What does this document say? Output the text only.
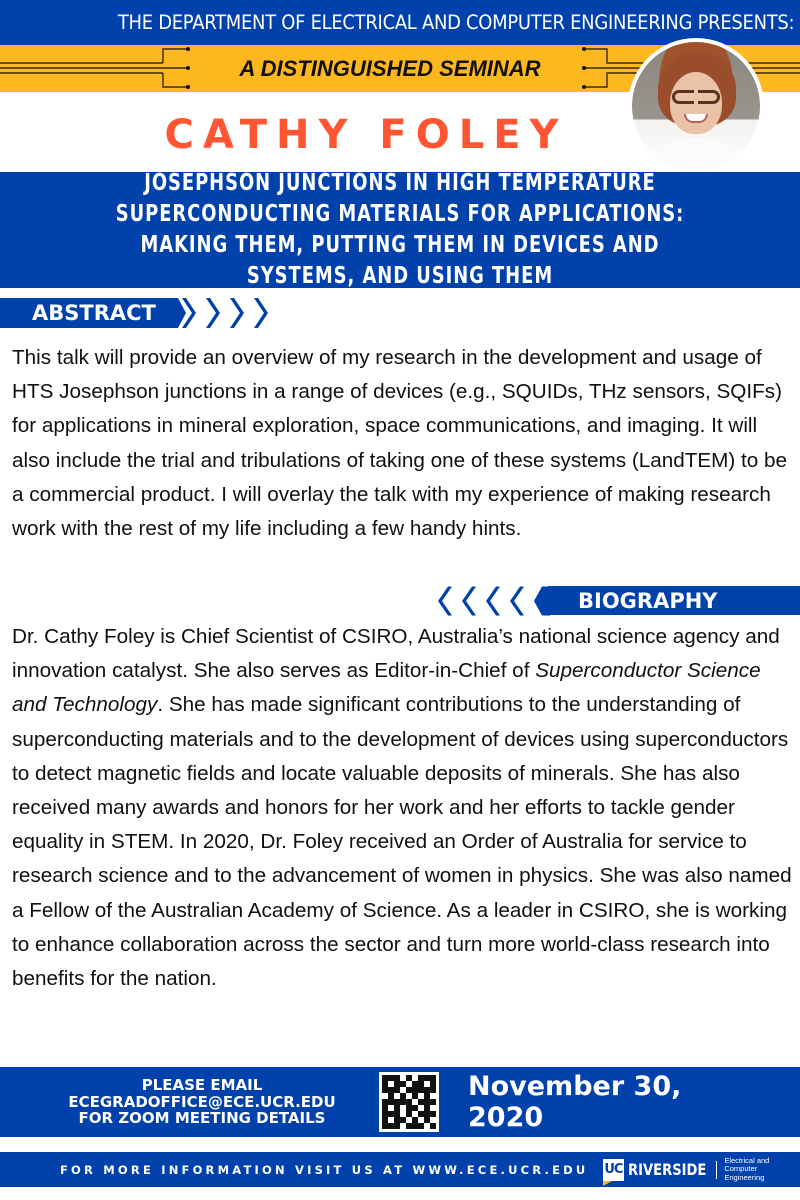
THE DEPARTMENT OF ELECTRICAL AND COMPUTER ENGINEERING PRESENTS:
A DISTINGUISHED SEMINAR
CATHY FOLEY
JOSEPHSON JUNCTIONS IN HIGH TEMPERATURE SUPERCONDUCTING MATERIALS FOR APPLICATIONS: MAKING THEM, PUTTING THEM IN DEVICES AND SYSTEMS, AND USING THEM
ABSTRACT

This talk will provide an overview of my research in the development and usage of HTS Josephson junctions in a range of devices (e.g., SQUIDs, THz sensors, SQIFs) for applications in mineral exploration, space communications, and imaging. It will also include the trial and tribulations of taking one of these systems (LandTEM) to be a commercial product. I will overlay the talk with my experience of making research work with the rest of my life including a few handy hints.

BIOGRAPHY

Dr. Cathy Foley is Chief Scientist of CSIRO, Australia’s national science agency and innovation catalyst. She also serves as Editor-in-Chief of Superconductor Science and Technology. She has made significant contributions to the understanding of superconducting materials and to the development of devices using superconductors to detect magnetic fields and locate valuable deposits of minerals. She has also received many awards and honors for her work and her efforts to tackle gender equality in STEM. In 2020, Dr. Foley received an Order of Australia for service to research science and to the advancement of women in physics. She was also named a Fellow of the Australian Academy of Science. As a leader in CSIRO, she is working to enhance collaboration across the sector and turn more world-class research into benefits for the nation.

PLEASE EMAIL
ECEGRADOFFICE@ECE.UCR.EDU
FOR ZOOM MEETING DETAILS
November 30, 2020
FOR MORE INFORMATION VISIT US AT WWW.ECE.UCR.EDU UC RIVERSIDE Electrical and Computer
Engineering
